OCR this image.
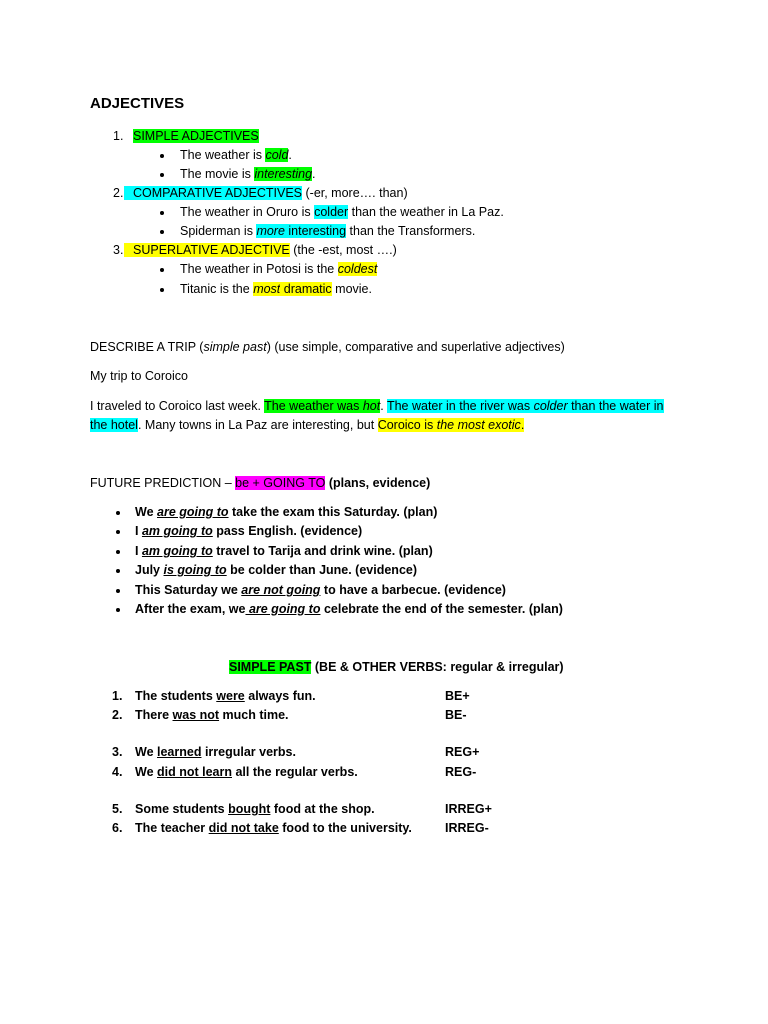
ADJECTIVES
1. SIMPLE ADJECTIVES
The weather is cold.
The movie is interesting.
2. COMPARATIVE ADJECTIVES (-er, more…. than)
The weather in Oruro is colder than the weather in La Paz.
Spiderman is more interesting than the Transformers.
3. SUPERLATIVE ADJECTIVE (the -est, most ….)
The weather in Potosi is the coldest
Titanic is the most dramatic movie.
DESCRIBE A TRIP (simple past) (use simple, comparative and superlative adjectives)
My trip to Coroico
I traveled to Coroico last week. The weather was hot. The water in the river was colder than the water in
the hotel. Many towns in La Paz are interesting, but Coroico is the most exotic.
FUTURE PREDICTION – be + GOING TO (plans, evidence)
We are going to take the exam this Saturday. (plan)
I am going to pass English. (evidence)
I am going to travel to Tarija and drink wine. (plan)
July is going to be colder than June. (evidence)
This Saturday we are not going to have a barbecue. (evidence)
After the exam, we are going to celebrate the end of the semester. (plan)
SIMPLE PAST (BE & OTHER VERBS: regular & irregular)
1. The students were always fun.	BE+
2. There was not much time.	BE-
3. We learned irregular verbs.	REG+
4. We did not learn all the regular verbs.	REG-
5. Some students bought food at the shop.	IRREG+
6. The teacher did not take food to the university.	IRREG-
